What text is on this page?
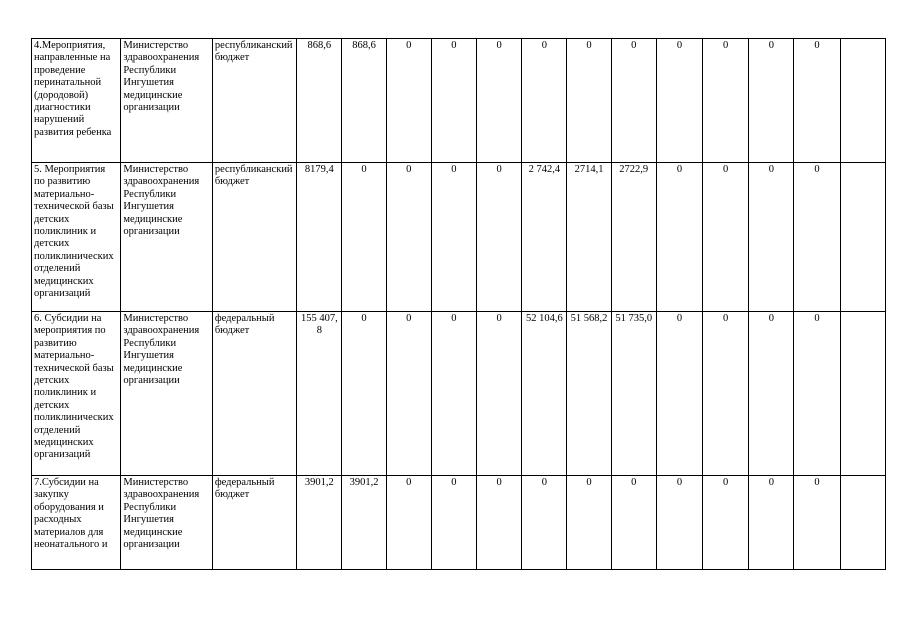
4.Мероприятия, направленные на проведение перинатальной (дородовой) диагностики нарушений развития ребенка	Министерство здравоохранения Республики Ингушетия медицинские организации	республиканский бюджет	868,6	868,6	0	0	0	0	0	0	0	0	0	0	
5. Мероприятия по развитию материально-технической базы детских поликлиник и детских поликлинических отделений медицинских организаций	Министерство здравоохранения Республики Ингушетия медицинские организации	республиканский бюджет	8179,4	0	0	0	0	2 742,4	2714,1	2722,9	0	0	0	0	
6. Субсидии на мероприятия по развитию материально-технической базы детских поликлиник и детских поликлинических отделений медицинских организаций	Министерство здравоохранения Республики Ингушетия медицинские организации	федеральный бюджет	155 407,8	0	0	0	0	52 104,6	51 568,2	51 735,0	0	0	0	0	
7.Субсидии на закупку оборудования и расходных материалов для неонатального и	Министерство здравоохранения Республики Ингушетия медицинские организации	федеральный бюджет	3901,2	3901,2	0	0	0	0	0	0	0	0	0	0	
